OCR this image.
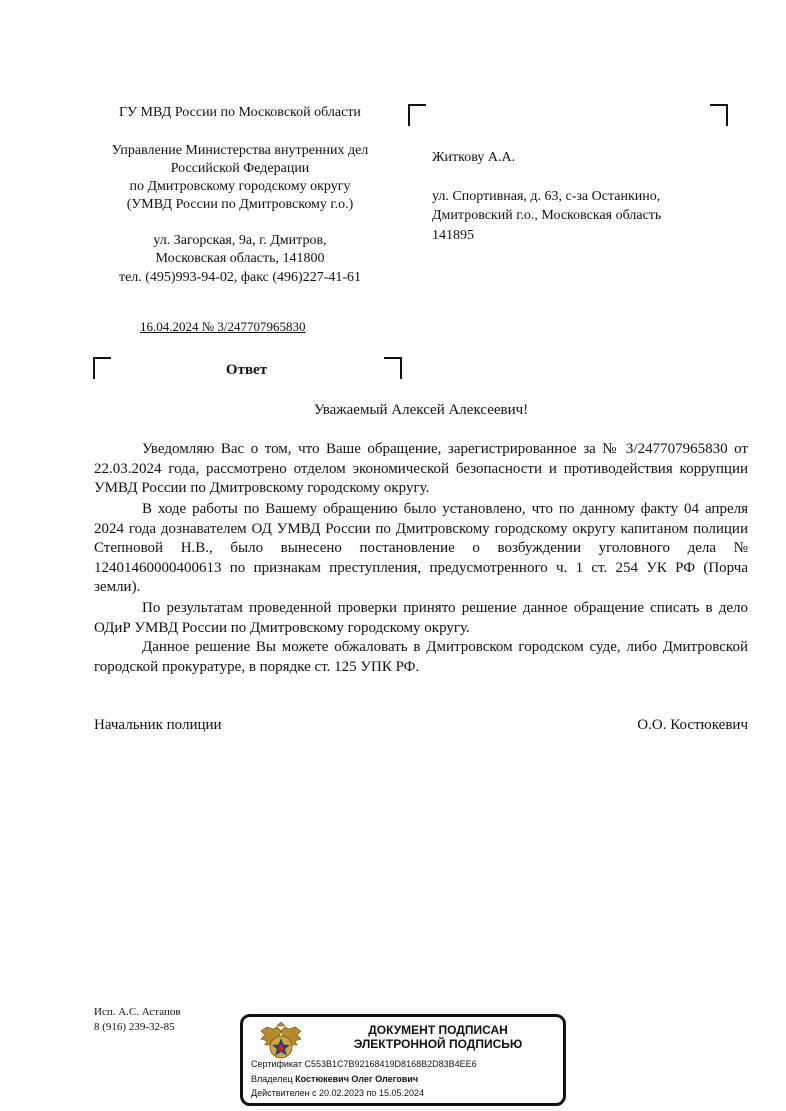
ГУ МВД России по Московской области
Управление Министерства внутренних дел
Российской Федерации
по Дмитровскому городскому округу
(УМВД России по Дмитровскому г.о.)
ул. Загорская, 9а, г. Дмитров,
Московская область, 141800
тел. (495)993-94-02, факс (496)227-41-61
16.04.2024 № 3/247707965830
Житкову А.А.
ул. Спортивная, д. 63, с-за Останкино,
Дмитровский г.о., Московская область
141895
Ответ
Уважаемый Алексей Алексеевич!

Уведомляю Вас о том, что Ваше обращение, зарегистрированное за № 3/247707965830 от 22.03.2024 года, рассмотрено отделом экономической безопасности и противодействия коррупции УМВД России по Дмитровскому городскому округу.

В ходе работы по Вашему обращению было установлено, что по данному факту 04 апреля 2024 года дознавателем ОД УМВД России по Дмитровскому городскому округу капитаном полиции Степновой Н.В., было вынесено постановление о возбуждении уголовного дела № 12401460000400613 по признакам преступления, предусмотренного ч. 1 ст. 254 УК РФ (Порча земли).

По результатам проведенной проверки принято решение данное обращение списать в дело ОДиР УМВД России по Дмитровскому городскому округу.

Данное решение Вы можете обжаловать в Дмитровском городском суде, либо Дмитровской городской прокуратуре, в порядке ст. 125 УПК РФ.

Начальник полиции	О.О. Костюкевич
Исп. А.С. Астапов
8 (916) 239-32-85	ДОКУМЕНТ ПОДПИСАН
ЭЛЕКТРОННОЙ ПОДПИСЬЮ
Сертификат C553B1C7B92168419D8168B2D83B4EE6
Владелец Костюкевич Олег Олегович
Действителен с 20.02.2023 по 15.05.2024
